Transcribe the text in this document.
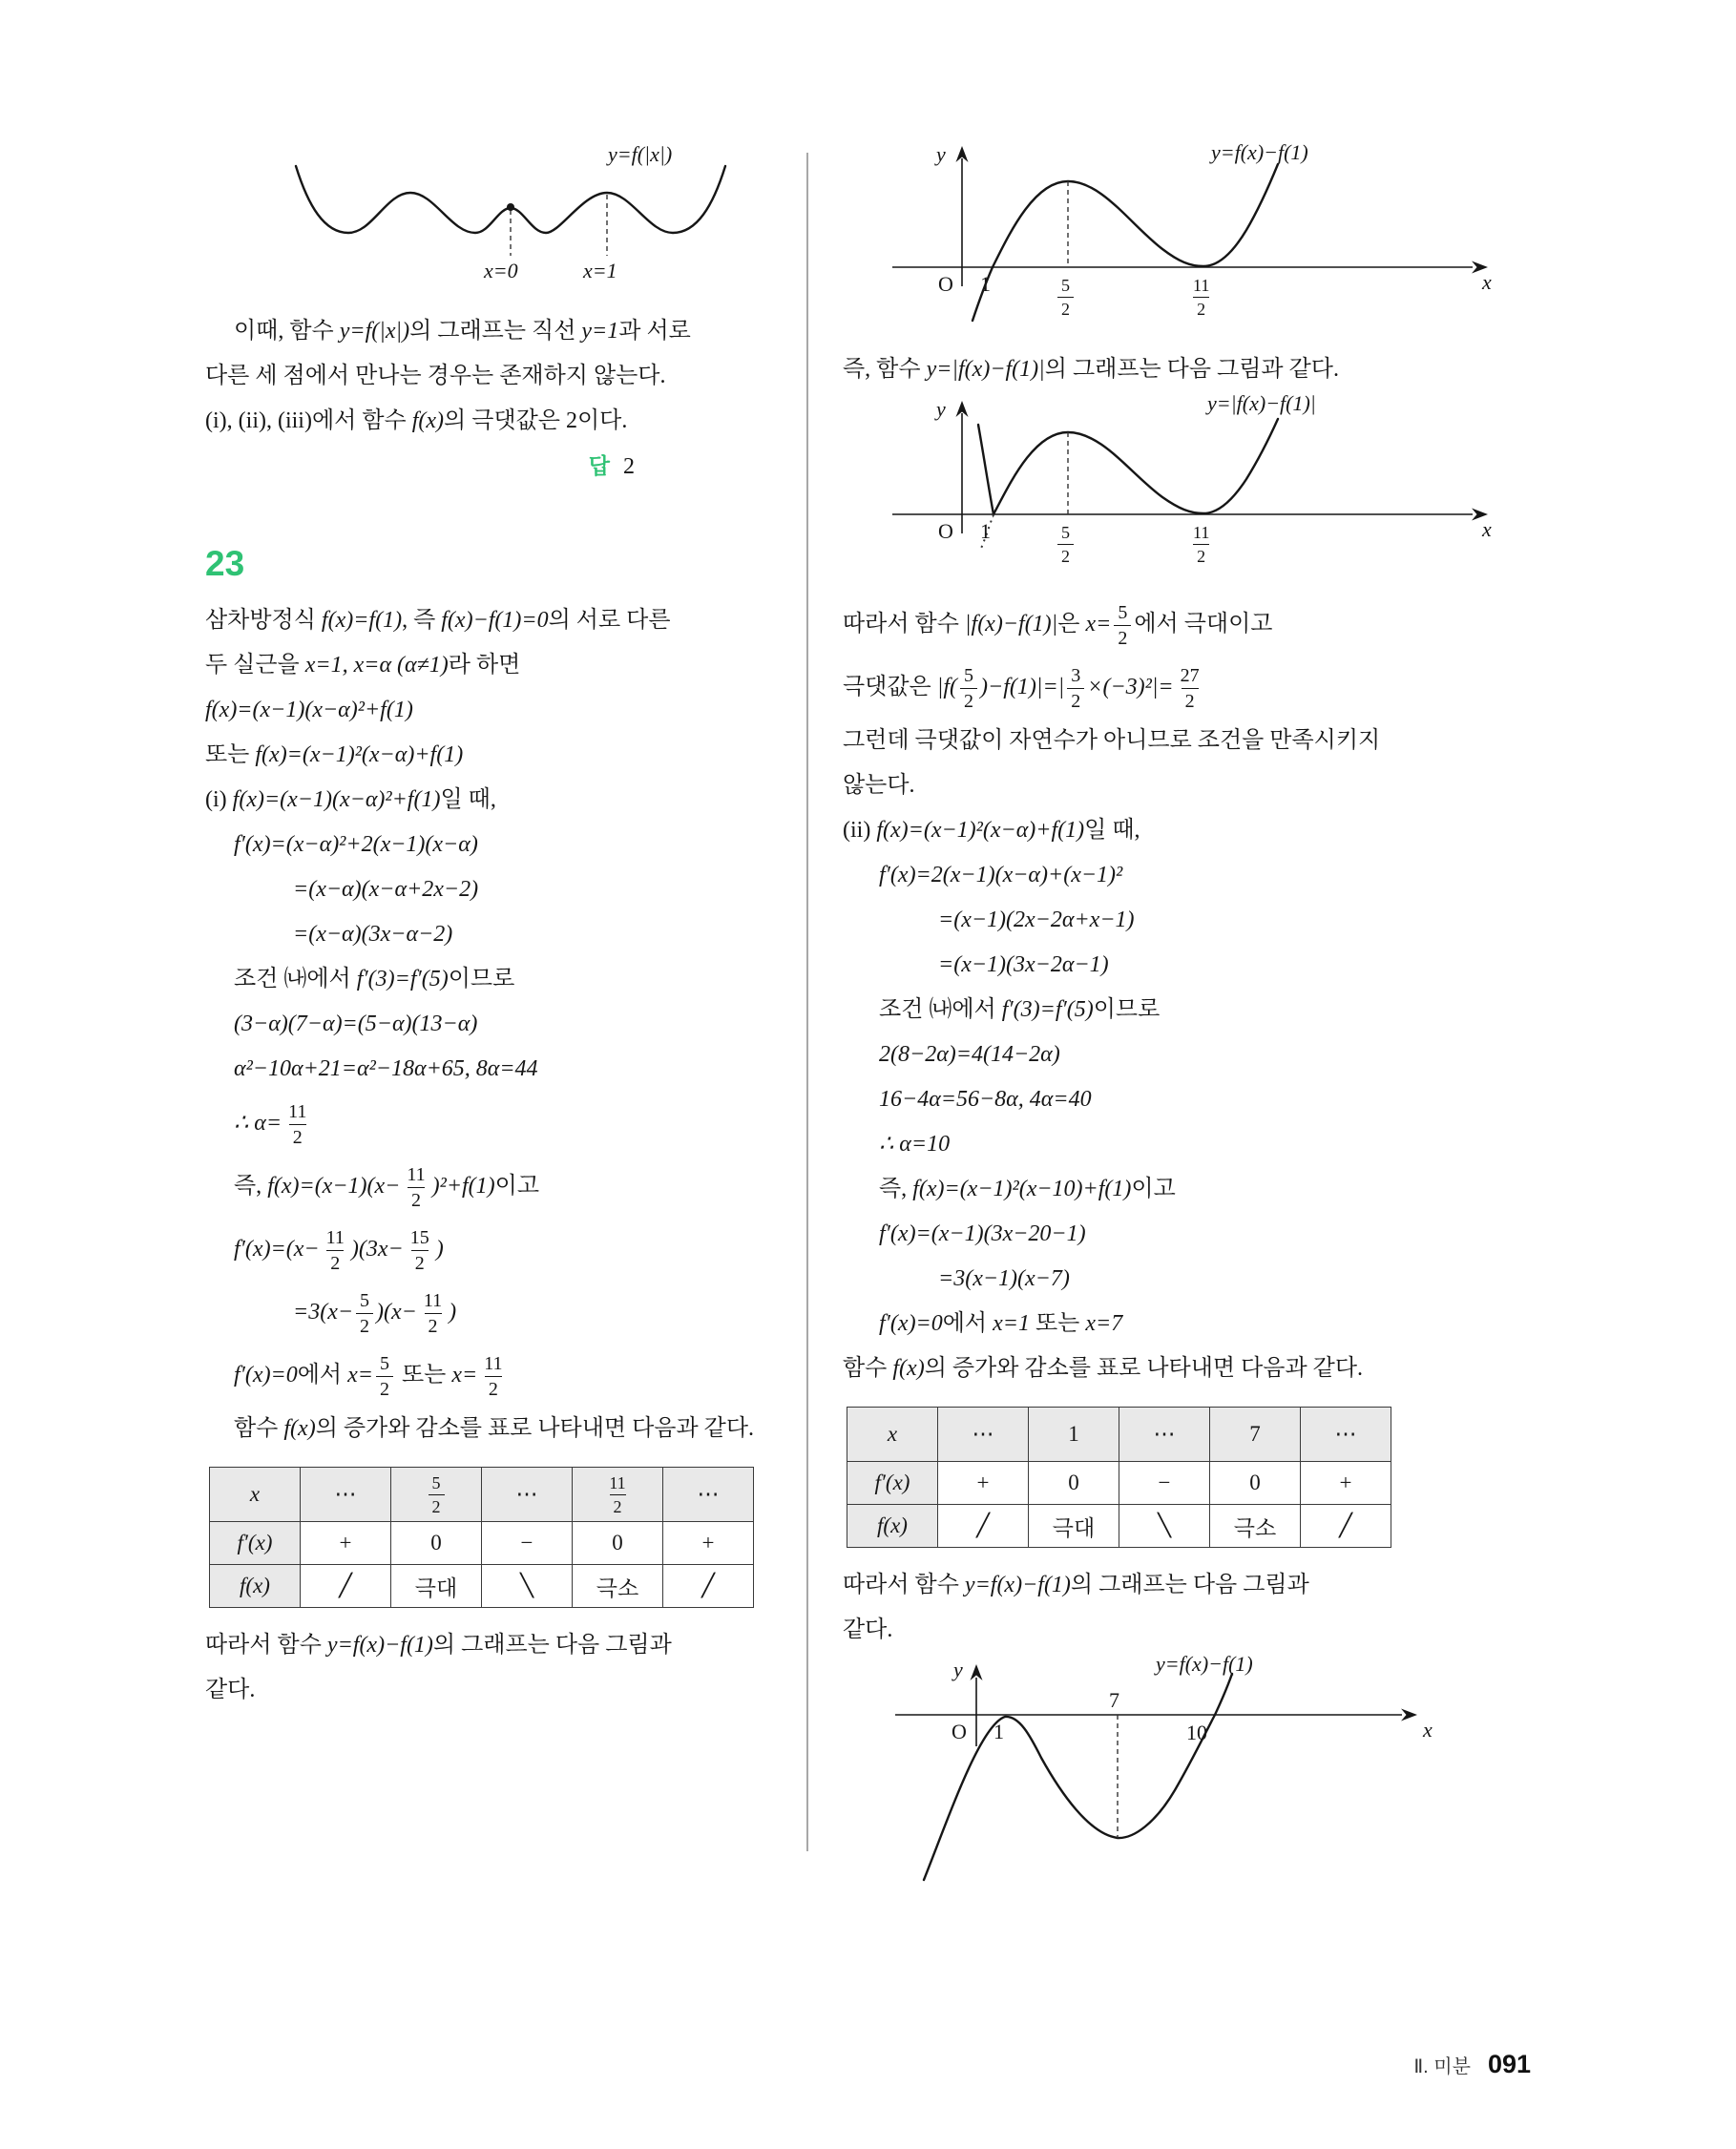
y=f(|x|)
x=0	x=1
이때, 함수 y=f(|x|)의 그래프는 직선 y=1과 서로
다른 세 점에서 만나는 경우는 존재하지 않는다.
(i), (ii), (iii)에서 함수 f(x)의 극댓값은 2이다.
답 2
23
삼차방정식 f(x)=f(1), 즉 f(x)−f(1)=0의 서로 다른
두 실근을 x=1, x=α (α≠1)라 하면
f(x)=(x−1)(x−α)²+f(1)
또는 f(x)=(x−1)²(x−α)+f(1)
(i) f(x)=(x−1)(x−α)²+f(1)일 때,
f′(x)=(x−α)²+2(x−1)(x−α)
=(x−α)(x−α+2x−2)
=(x−α)(3x−α−2)
조건 ㈏에서 f′(3)=f′(5)이므로
(3−α)(7−α)=(5−α)(13−α)
α²−10α+21=α²−18α+65, 8α=44
∴ $\alpha= \frac{11}{2}$
즉, $f(x)=(x-1)(x- \frac{11}{2} )^2+f(1)$이고
$f'(x)=(x- \frac{11}{2} )(3x- \frac{15}{2}$ )
$=3(x- \frac{5}{2} )(x- \frac{11}{2}$ )
f′(x)=0에서 $x= \frac{5}{2}$ 또는 $x= \frac{11}{2}$
함수 f(x)의 증가와 감소를 표로 나타내면 다음과 같다.
x	⋯	$\frac{5}{2}$	⋯	$\frac{11}{2}$	⋯
f′(x)	+	0	−	0	+
f(x)	╱	극대	╲	극소	╱
따라서 함수 y=f(x)−f(1)의 그래프는 다음 그림과
같다.
y=f(x)−f(1)
O 1	$\frac{5}{2}$	$\frac{11}{2}$	x
y
즉, 함수 y=|f(x)−f(1)|의 그래프는 다음 그림과 같다.
y=|f(x)−f(1)|
O 1	$\frac{5}{2}$	$\frac{11}{2}$	x
y
따라서 함수 |f(x)−f(1)|은 $x= \frac{5}{2}$ 에서 극대이고
극댓값은 $|f( \frac{5}{2} )-f(1)|=| \frac{3}{2} \times(-3)^2|= \frac{27}{2}$
그런데 극댓값이 자연수가 아니므로 조건을 만족시키지
않는다.
(ii) f(x)=(x−1)²(x−α)+f(1)일 때,
f′(x)=2(x−1)(x−α)+(x−1)²
=(x−1)(2x−2α+x−1)
=(x−1)(3x−2α−1)
조건 ㈏에서 f′(3)=f′(5)이므로
2(8−2α)=4(14−2α)
16−4α=56−8α, 4α=40
∴ α=10
즉, f(x)=(x−1)²(x−10)+f(1)이고
f′(x)=(x−1)(3x−20−1)
=3(x−1)(x−7)
f′(x)=0에서 x=1 또는 x=7
함수 f(x)의 증가와 감소를 표로 나타내면 다음과 같다.
x	⋯	1	⋯	7	⋯
f′(x)	+	0	−	0	+
f(x)	╱	극대	╲	극소	╱
따라서 함수 y=f(x)−f(1)의 그래프는 다음 그림과
같다.
y=f(x)−f(1)
O 1
7
10	x
y
Ⅱ. 미분 091
